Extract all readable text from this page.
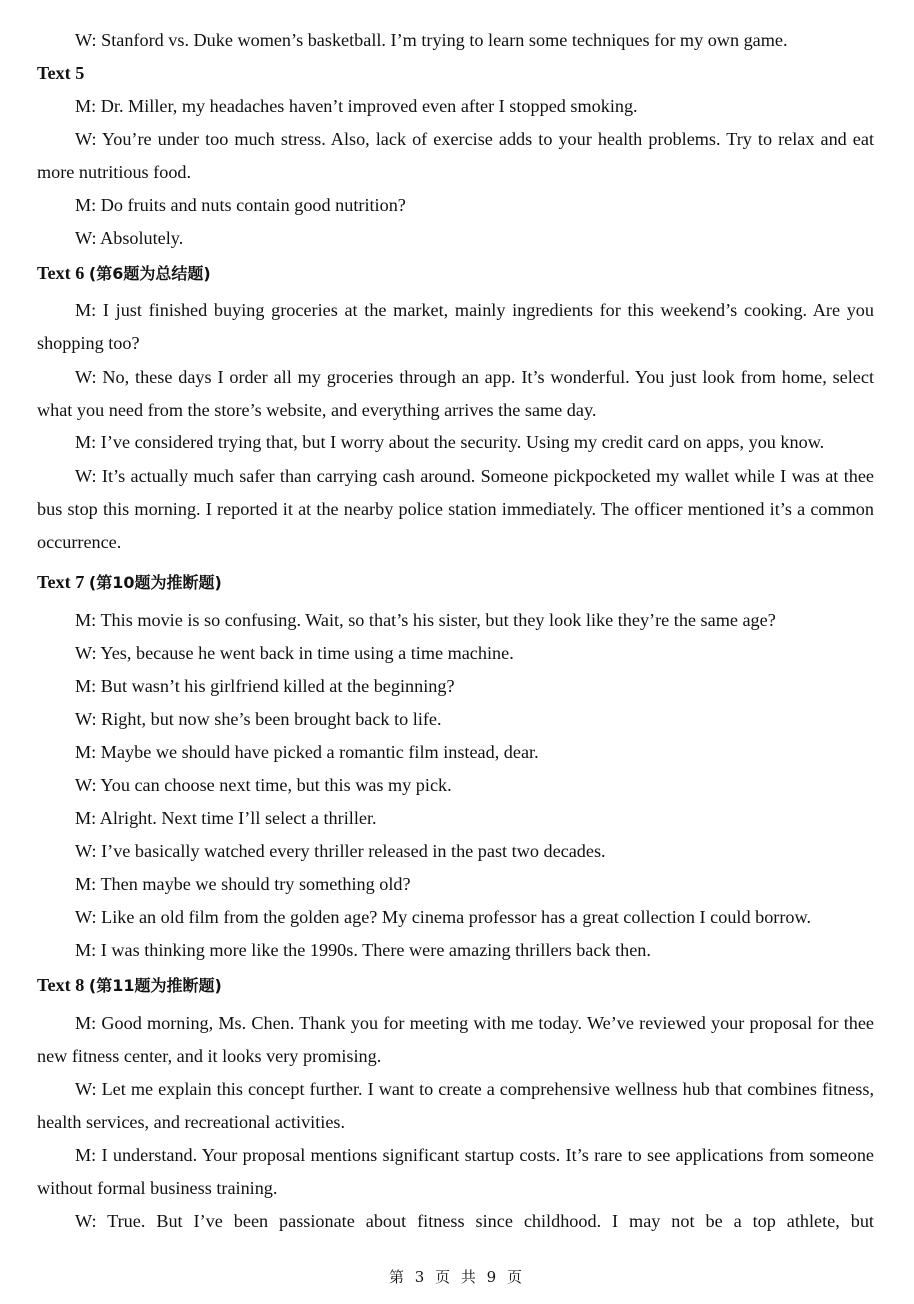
W: Stanford vs. Duke women’s basketball. I’m trying to learn some techniques for my own game.

Text 5

M: Dr. Miller, my headaches haven’t improved even after I stopped smoking.

W: You’re under too much stress. Also, lack of exercise adds to your health problems. Try to relax and eat more nutritious food.

M: Do fruits and nuts contain good nutrition?

W: Absolutely.

Text 6 (第6题为总结题)

M: I just finished buying groceries at the market, mainly ingredients for this weekend’s cooking. Are you shopping too?

W: No, these days I order all my groceries through an app. It’s wonderful. You just look from home, select what you need from the store’s website, and everything arrives the same day.

M: I’ve considered trying that, but I worry about the security. Using my credit card on apps, you know.

W: It’s actually much safer than carrying cash around. Someone pickpocketed my wallet while I was at thee bus stop this morning. I reported it at the nearby police station immediately. The officer mentioned it’s a common occurrence.

Text 7 (第10题为推断题)

M: This movie is so confusing. Wait, so that’s his sister, but they look like they’re the same age?

W: Yes, because he went back in time using a time machine.

M: But wasn’t his girlfriend killed at the beginning?

W: Right, but now she’s been brought back to life.

M: Maybe we should have picked a romantic film instead, dear.

W: You can choose next time, but this was my pick.

M: Alright. Next time I’ll select a thriller.

W: I’ve basically watched every thriller released in the past two decades.

M: Then maybe we should try something old?

W: Like an old film from the golden age? My cinema professor has a great collection I could borrow.

M: I was thinking more like the 1990s. There were amazing thrillers back then.

Text 8 (第11题为推断题)

M: Good morning, Ms. Chen. Thank you for meeting with me today. We’ve reviewed your proposal for thee new fitness center, and it looks very promising.

W: Let me explain this concept further. I want to create a comprehensive wellness hub that combines fitness, health services, and recreational activities.

M: I understand. Your proposal mentions significant startup costs. It’s rare to see applications from someone without formal business training.

W: True. But I’ve been passionate about fitness since childhood. I may not be a top athlete, but

第 3 页 共 9 页
